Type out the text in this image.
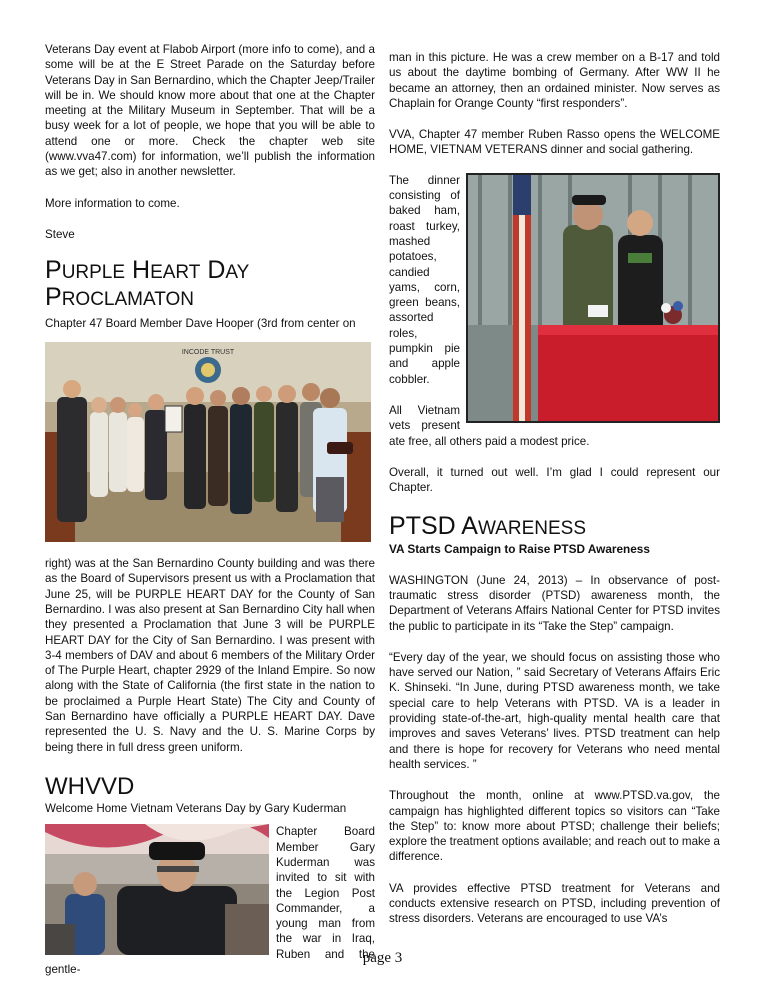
Veterans Day event at Flabob Airport (more info to come), and a some will be at the E Street Parade on the Saturday before Veterans Day in San Bernardino, which the Chapter Jeep/Trailer will be in. We should know more about that one at the Chapter meeting at the Military Museum in September. That will be a busy week for a lot of people, we hope that you will be able to attend one or more. Check the chapter web site (www.vva47.com) for information, we’ll publish the information as we get; also in another newsletter.

More information to come.

Steve

PURPLE HEART DAY PROCLAMATON

Chapter 47 Board Member Dave Hooper (3rd from center on

INCODE TRUST

right) was at the San Bernardino County building and was there as the Board of Supervisors present us with a Proclamation that June 25, will be PURPLE HEART DAY for the County of San Bernardino. I was also present at San Bernardino City hall when they presented a Proclamation that June 3 will be PURPLE HEART DAY for the City of San Bernardino. I was present with 3-4 members of DAV and about 6 members of the Military Order of The Purple Heart, chapter 2929 of the Inland Empire. So now along with the State of California (the first state in the nation to be proclaimed a Purple Heart State) The City and County of San Bernardino have officially a PURPLE HEART DAY. Dave represented the U. S. Navy and the U. S. Marine Corps by being there in full dress green uniform.

WHVVD

Welcome Home Vietnam Veterans Day by Gary Kuderman

Chapter Board Member Gary Kuderman was invited to sit with the Legion Post Commander, a young man from the war in Iraq, Ruben and the gentle-

man in this picture. He was a crew member on a B-17 and told us about the daytime bombing of Germany. After WW II he became an attorney, then an ordained minister. Now serves as Chaplain for Orange County “first responders”.

VVA, Chapter 47 member Ruben Rasso opens the WELCOME HOME, VIETNAM VETERANS dinner and social gathering.

The dinner consisting of baked ham, roast turkey, mashed potatoes, candied yams, corn, green beans, assorted roles, pumpkin pie and apple cobbler.

All Vietnam vets present ate free, all others paid a modest price.

Overall, it turned out well. I’m glad I could represent our Chapter.

PTSD AWARENESS

VA Starts Campaign to Raise PTSD Awareness

WASHINGTON (June 24, 2013) – In observance of post-traumatic stress disorder (PTSD) awareness month, the Department of Veterans Affairs National Center for PTSD invites the public to participate in its “Take the Step” campaign.

“Every day of the year, we should focus on assisting those who have served our Nation, ” said Secretary of Veterans Affairs Eric K. Shinseki. “In June, during PTSD awareness month, we take special care to help Veterans with PTSD. VA is a leader in providing state-of-the-art, high-quality mental health care that improves and saves Veterans’ lives. PTSD treatment can help and there is hope for recovery for Veterans who need mental health services. ”

Throughout the month, online at www.PTSD.va.gov, the campaign has highlighted different topics so visitors can “Take the Step” to: know more about PTSD; challenge their beliefs; explore the treatment options available; and reach out to make a difference.

VA provides effective PTSD treatment for Veterans and conducts extensive research on PTSD, including prevention of stress disorders. Veterans are encouraged to use VA’s

page 3
